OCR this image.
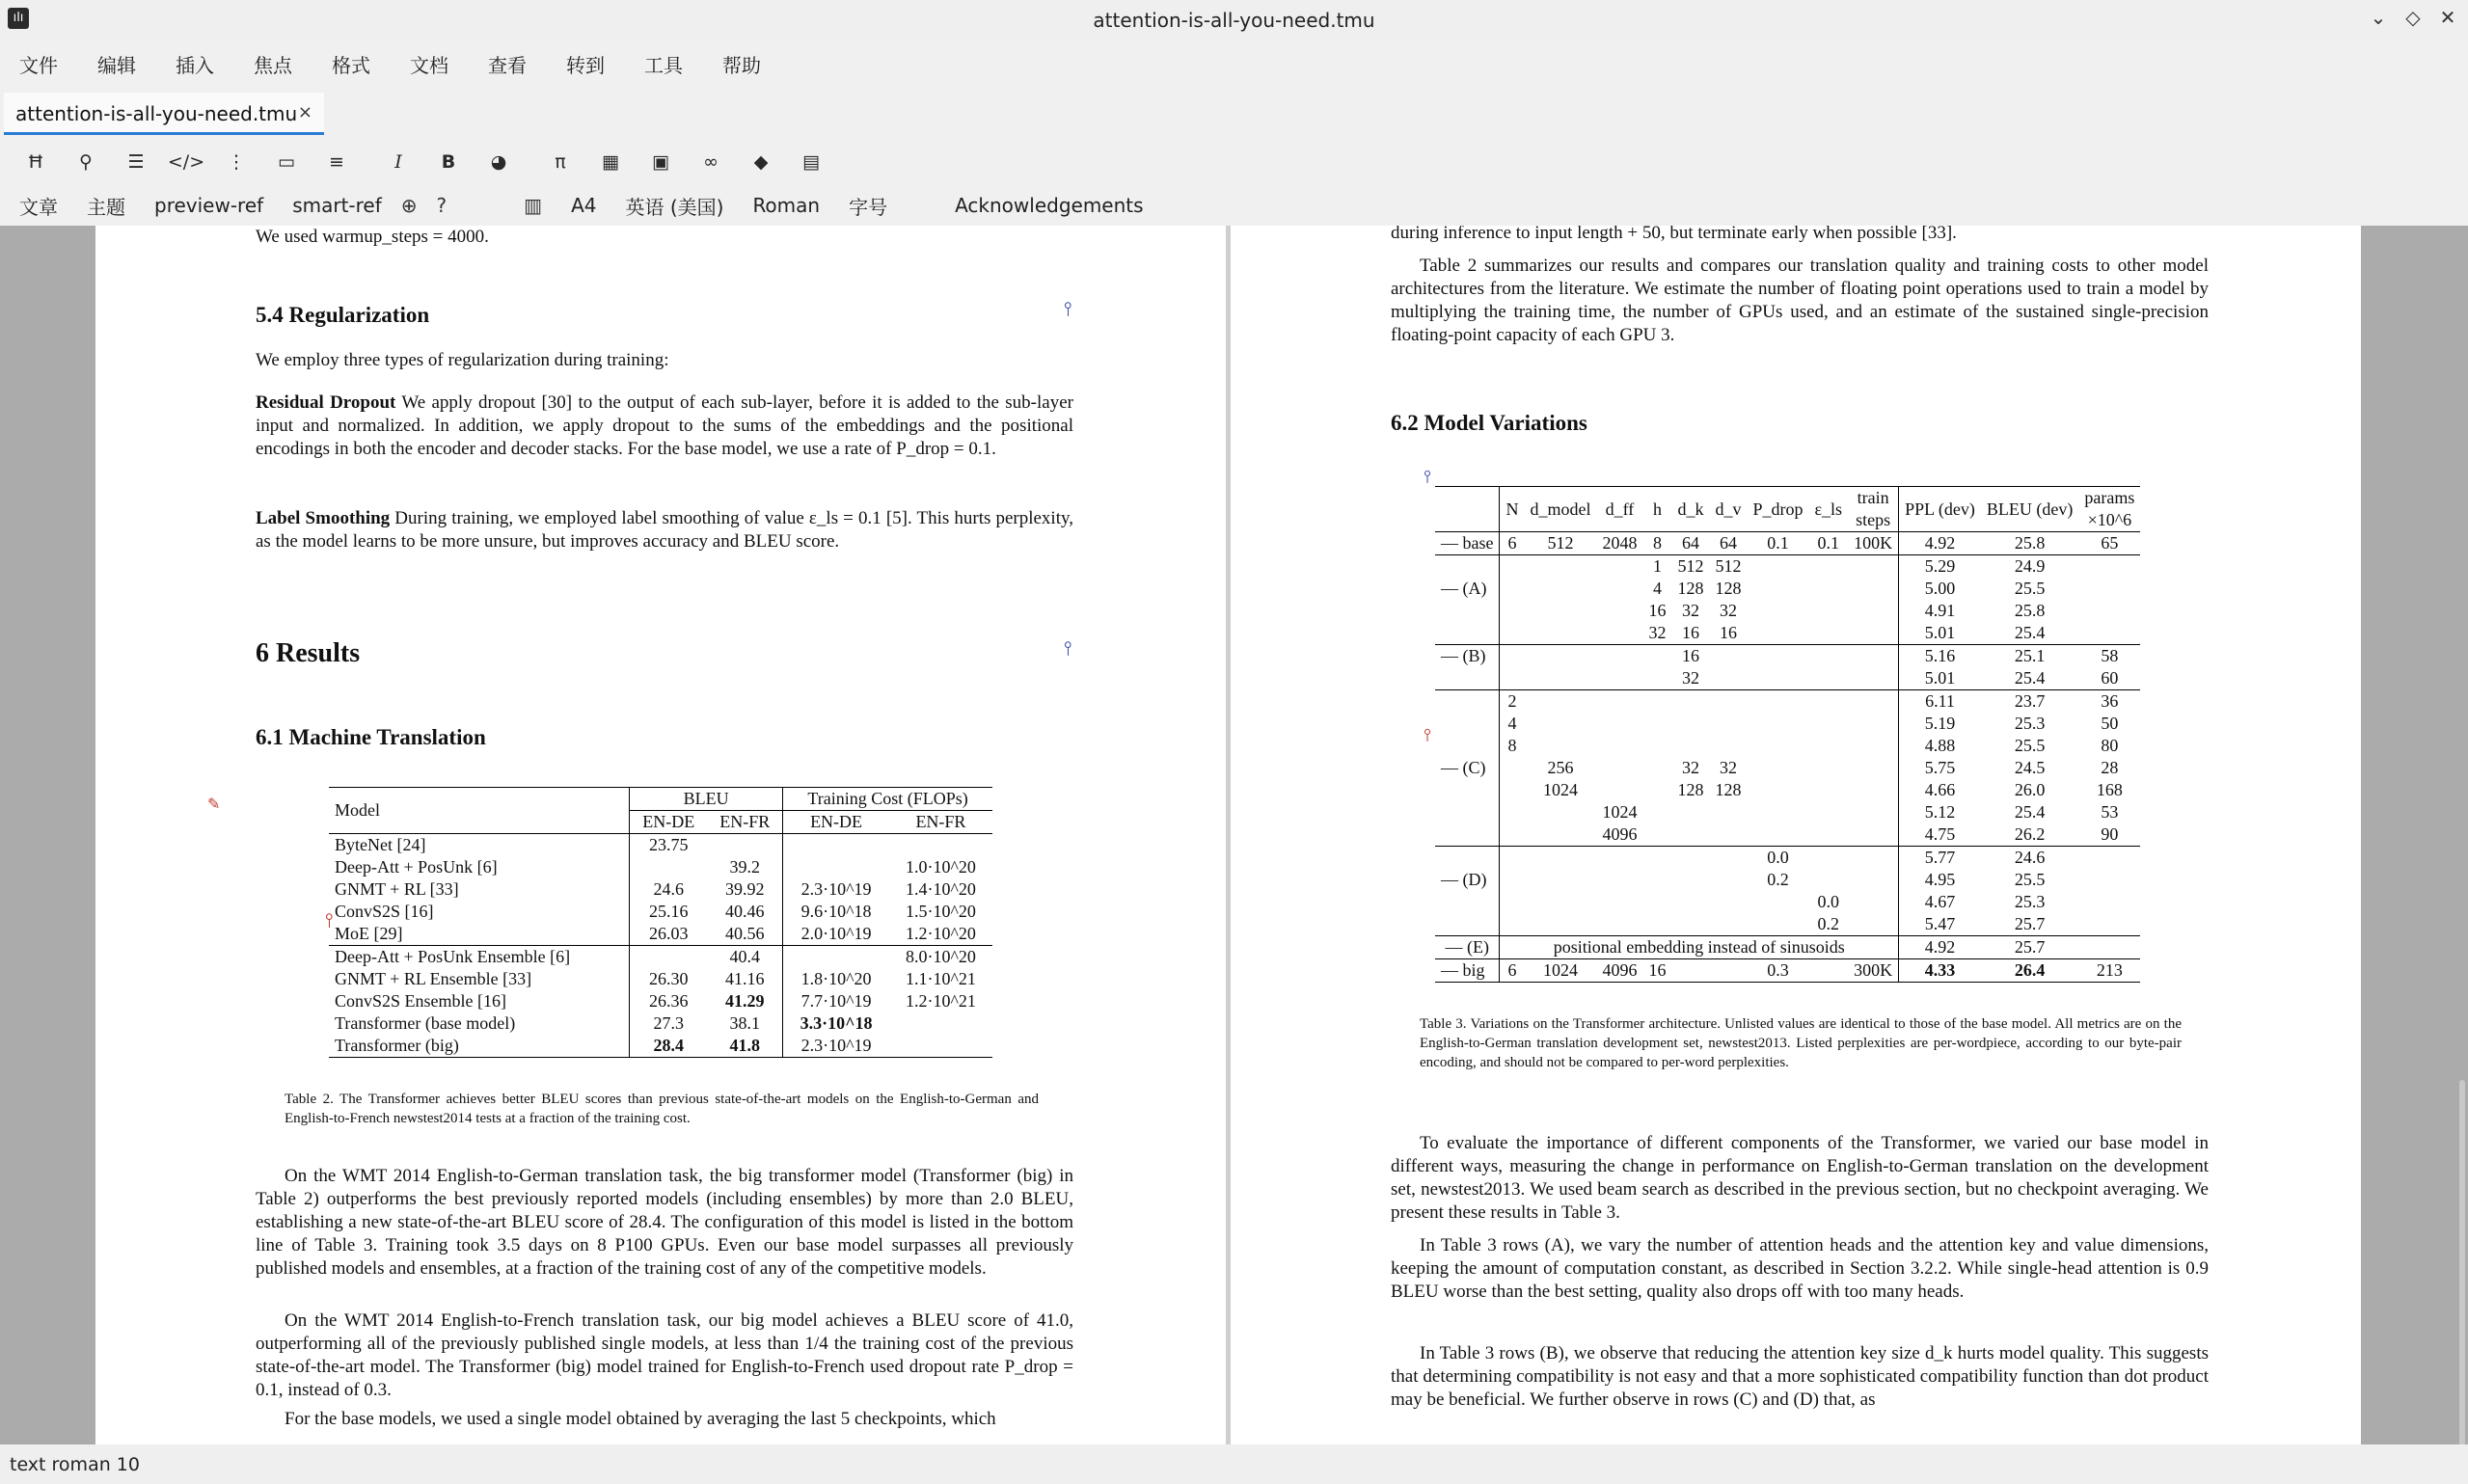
ılı	attention-is-all-you-need.tmu	⌄ ◇ ✕
文件	编辑	插入	焦点	格式	文档	查看	转到	工具	帮助
attention-is-all-you-need.tmu ×
Ħ	⚲	☰	</> ⋮	▭	≡	I	B	◕	π	▦	▣	∞	◆	▤
文章 主题 preview-ref smart-ref ⊕ ?	▥ A4 英语 (美国) Roman 字号	Acknowledgements
We used warmup_steps = 4000.
5.4 Regularization	⫯
We employ three types of regularization during training:
Residual Dropout We apply dropout [30] to the output of each sub-layer, before it is added to the sub-layer input and normalized. In addition, we apply dropout to the sums of the embeddings and the positional encodings in both the encoder and decoder stacks. For the base model, we use a rate of P_drop = 0.1.
Label Smoothing During training, we employed label smoothing of value ε_ls = 0.1 [5]. This hurts perplexity, as the model learns to be more unsure, but improves accuracy and BLEU score.
6 Results	⫯
6.1 Machine Translation
✎
⫯
Model	BLEU		Training Cost (FLOPs)	
	EN-DE	EN-FR	EN-DE	EN-FR
ByteNet [24]	23.75			
Deep-Att + PosUnk [6]		39.2		1.0·10^20
GNMT + RL [33]	24.6	39.92	2.3·10^19	1.4·10^20
ConvS2S [16]	25.16	40.46	9.6·10^18	1.5·10^20
MoE [29]	26.03	40.56	2.0·10^19	1.2·10^20
Deep-Att + PosUnk Ensemble [6]		40.4		8.0·10^20
GNMT + RL Ensemble [33]	26.30	41.16	1.8·10^20	1.1·10^21
ConvS2S Ensemble [16]	26.36	41.29	7.7·10^19	1.2·10^21
Transformer (base model)	27.3	38.1	3.3·10^18	
Transformer (big)	28.4	41.8	2.3·10^19	
Table 2. The Transformer achieves better BLEU scores than previous state-of-the-art models on the English-to-German and English-to-French newstest2014 tests at a fraction of the training cost.
On the WMT 2014 English-to-German translation task, the big transformer model (Transformer (big) in Table 2) outperforms the best previously reported models (including ensembles) by more than 2.0 BLEU, establishing a new state-of-the-art BLEU score of 28.4. The configuration of this model is listed in the bottom line of Table 3. Training took 3.5 days on 8 P100 GPUs. Even our base model surpasses all previously published models and ensembles, at a fraction of the training cost of any of the competitive models.
On the WMT 2014 English-to-French translation task, our big model achieves a BLEU score of 41.0, outperforming all of the previously published single models, at less than 1/4 the training cost of the previous state-of-the-art model. The Transformer (big) model trained for English-to-French used dropout rate P_drop = 0.1, instead of 0.3.
For the base models, we used a single model obtained by averaging the last 5 checkpoints, which
during inference to input length + 50, but terminate early when possible [33].
Table 2 summarizes our results and compares our translation quality and training costs to other model architectures from the literature. We estimate the number of floating point operations used to train a model by multiplying the training time, the number of GPUs used, and an estimate of the sustained single-precision floating-point capacity of each GPU 3.
6.2 Model Variations
⫯
⫯
	N	d_model	d_ff	h	d_k	d_v	P_drop	ε_ls	train steps	PPL (dev)	BLEU (dev)	params ×10^6
— base	6	512	2048	8	64	64	0.1	0.1	100K	4.92	25.8	65
				1	512	512				5.29	24.9	
— (A)				4	128	128				5.00	25.5	
				16	32	32				4.91	25.8	
				32	16	16				5.01	25.4	
— (B)					16					5.16	25.1	58
					32					5.01	25.4	60
	2									6.11	23.7	36
	4									5.19	25.3	50
	8									4.88	25.5	80
— (C)		256			32	32				5.75	24.5	28
		1024			128	128				4.66	26.0	168
			1024							5.12	25.4	53
			4096							4.75	26.2	90
							0.0			5.77	24.6	
— (D)							0.2			4.95	25.5	
								0.0		4.67	25.3	
								0.2		5.47	25.7	
— (E)	positional embedding instead of sinusoids									4.92	25.7	
— big	6	1024	4096	16			0.3		300K	4.33	26.4	213
Table 3. Variations on the Transformer architecture. Unlisted values are identical to those of the base model. All metrics are on the English-to-German translation development set, newstest2013. Listed perplexities are per-wordpiece, according to our byte-pair encoding, and should not be compared to per-word perplexities.
To evaluate the importance of different components of the Transformer, we varied our base model in different ways, measuring the change in performance on English-to-German translation on the development set, newstest2013. We used beam search as described in the previous section, but no checkpoint averaging. We present these results in Table 3.
In Table 3 rows (A), we vary the number of attention heads and the attention key and value dimensions, keeping the amount of computation constant, as described in Section 3.2.2. While single-head attention is 0.9 BLEU worse than the best setting, quality also drops off with too many heads.
In Table 3 rows (B), we observe that reducing the attention key size d_k hurts model quality. This suggests that determining compatibility is not easy and that a more sophisticated compatibility function than dot product may be beneficial. We further observe in rows (C) and (D) that, as
text roman 10
